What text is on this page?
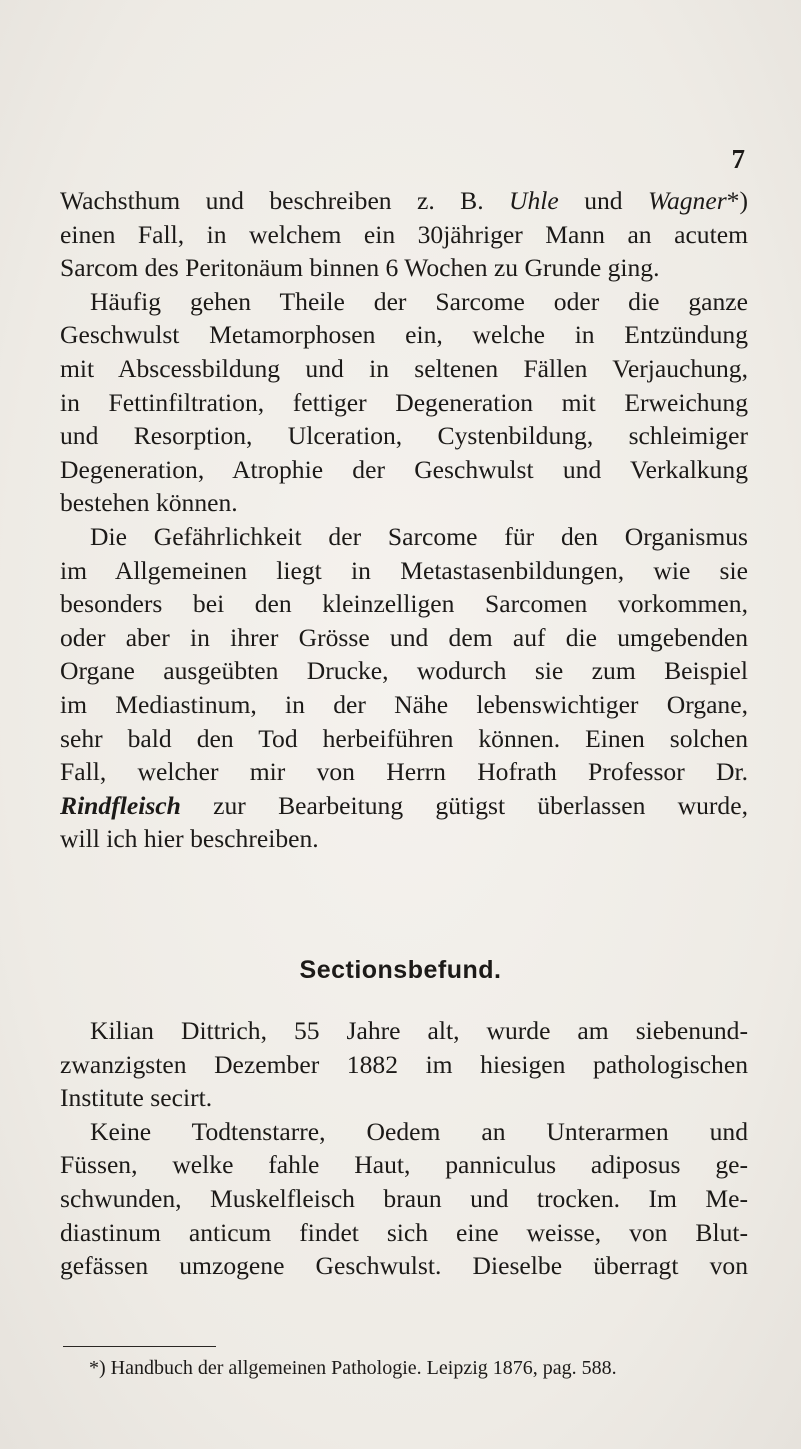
7
Wachsthum und beschreiben z. B. Uhle und Wagner*)
einen Fall, in welchem ein 30jähriger Mann an acutem
Sarcom des Peritonäum binnen 6 Wochen zu Grunde ging.
Häufig gehen Theile der Sarcome oder die ganze
Geschwulst Metamorphosen ein, welche in Entzündung
mit Abscessbildung und in seltenen Fällen Verjauchung,
in Fettinfiltration, fettiger Degeneration mit Erweichung
und Resorption, Ulceration, Cystenbildung, schleimiger
Degeneration, Atrophie der Geschwulst und Verkalkung
bestehen können.
Die Gefährlichkeit der Sarcome für den Organismus
im Allgemeinen liegt in Metastasenbildungen, wie sie
besonders bei den kleinzelligen Sarcomen vorkommen,
oder aber in ihrer Grösse und dem auf die umgebenden
Organe ausgeübten Drucke, wodurch sie zum Beispiel
im Mediastinum, in der Nähe lebenswichtiger Organe,
sehr bald den Tod herbeiführen können. Einen solchen
Fall, welcher mir von Herrn Hofrath Professor Dr.
Rindfleisch zur Bearbeitung gütigst überlassen wurde,
will ich hier beschreiben.
Sectionsbefund.
Kilian Dittrich, 55 Jahre alt, wurde am siebenund-
zwanzigsten Dezember 1882 im hiesigen pathologischen
Institute secirt.
Keine Todtenstarre, Oedem an Unterarmen und
Füssen, welke fahle Haut, panniculus adiposus ge-
schwunden, Muskelfleisch braun und trocken. Im Me-
diastinum anticum findet sich eine weisse, von Blut-
gefässen umzogene Geschwulst. Dieselbe überragt von
*) Handbuch der allgemeinen Pathologie. Leipzig 1876, pag. 588.
